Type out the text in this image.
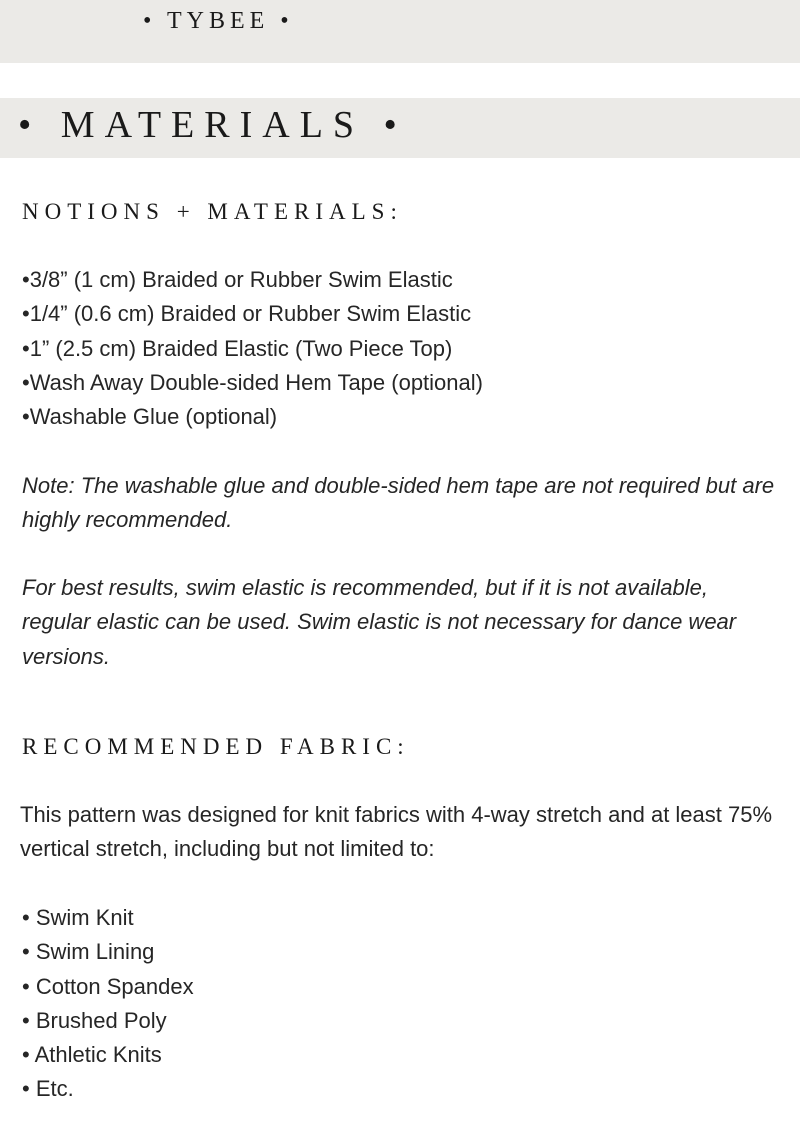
• TYBEE •
• MATERIALS •
NOTIONS + MATERIALS:
•3/8” (1 cm) Braided or Rubber Swim Elastic
•1/4” (0.6 cm) Braided or Rubber Swim Elastic
•1” (2.5 cm) Braided Elastic (Two Piece Top)
•Wash Away Double-sided Hem Tape (optional)
•Washable Glue (optional)

Note: The washable glue and double-sided hem tape are not required but are highly recommended.

For best results, swim elastic is recommended, but if it is not available, regular elastic can be used. Swim elastic is not necessary for dance wear versions.

RECOMMENDED FABRIC:

This pattern was designed for knit fabrics with 4-way stretch and at least 75% vertical stretch, including but not limited to:

• Swim Knit
• Swim Lining
• Cotton Spandex
• Brushed Poly
• Athletic Knits
• Etc.
